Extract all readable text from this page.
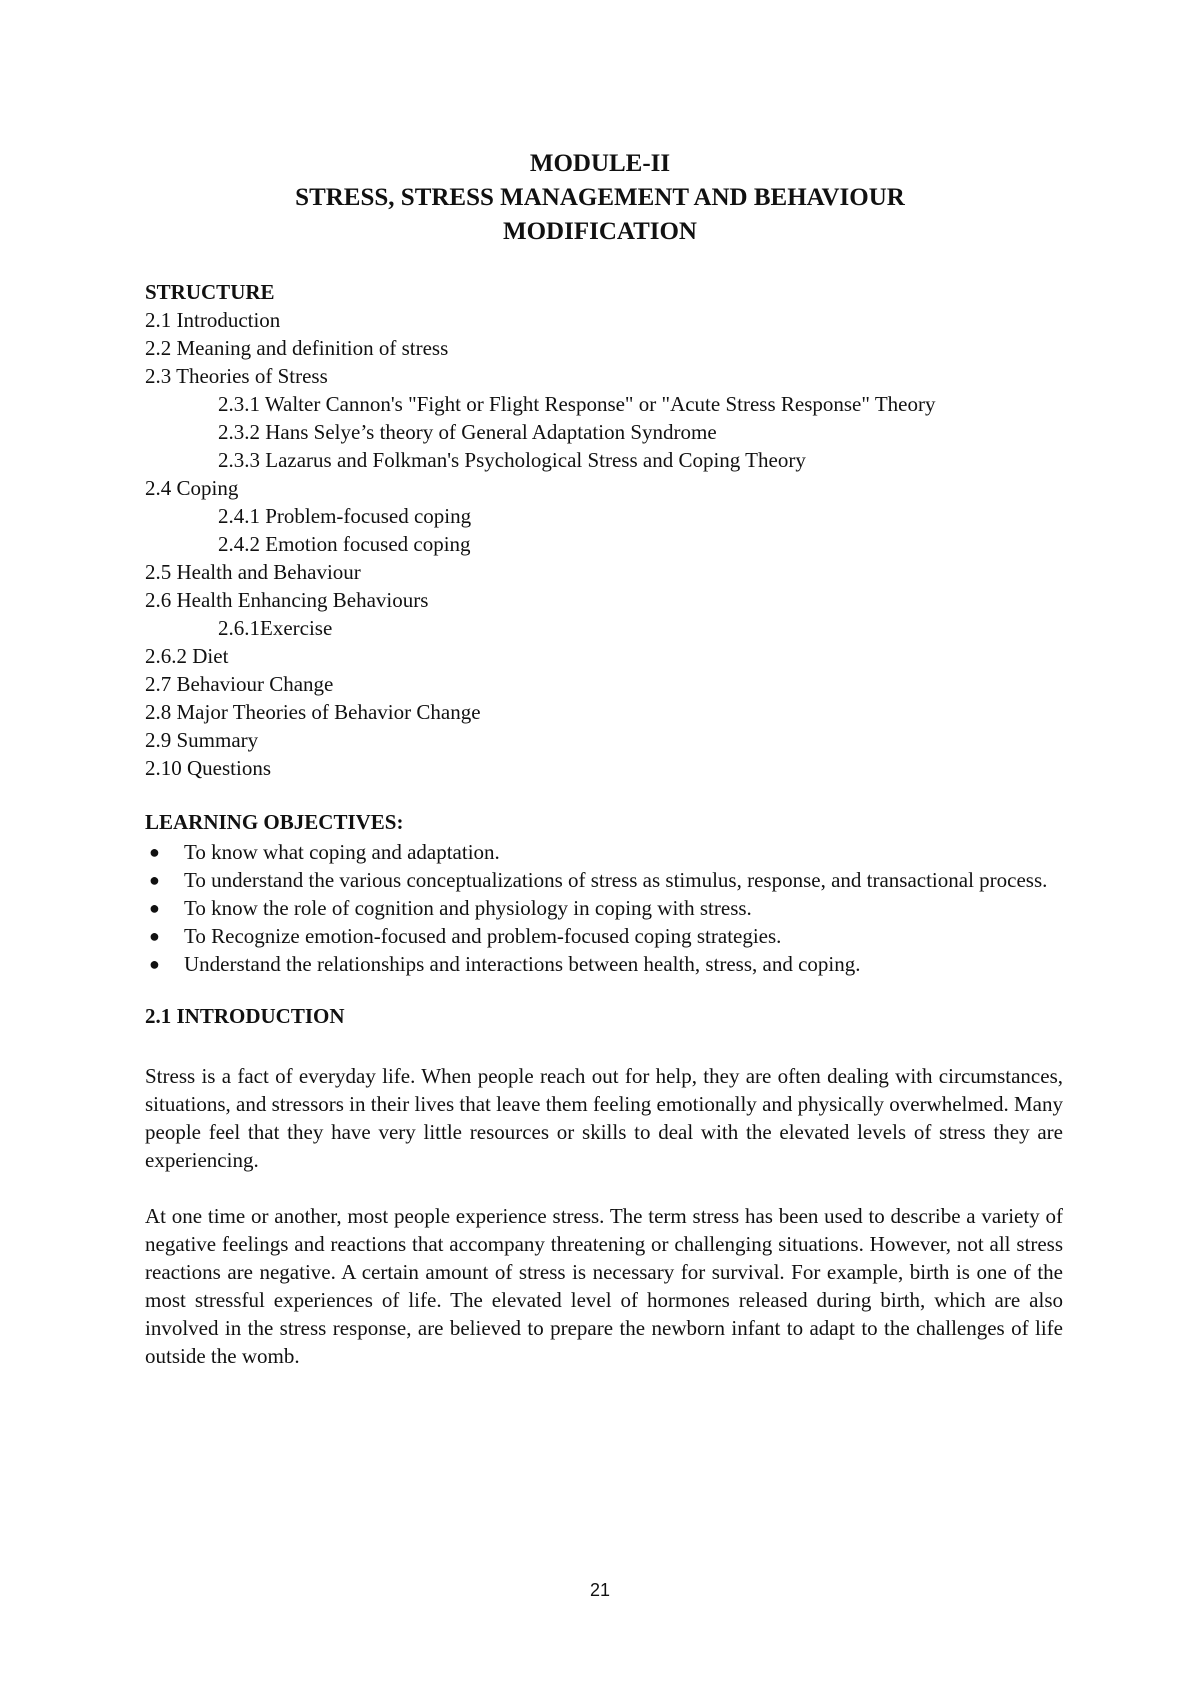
MODULE-II
STRESS, STRESS MANAGEMENT AND BEHAVIOUR
MODIFICATION
STRUCTURE
2.1 Introduction
2.2 Meaning and definition of stress
2.3 Theories of Stress
2.3.1 Walter Cannon's "Fight or Flight Response" or "Acute Stress Response" Theory
2.3.2 Hans Selye’s theory of General Adaptation Syndrome
2.3.3 Lazarus and Folkman's Psychological Stress and Coping Theory
2.4 Coping
2.4.1 Problem-focused coping
2.4.2 Emotion focused coping
2.5 Health and Behaviour
2.6 Health Enhancing Behaviours
2.6.1Exercise
2.6.2 Diet
2.7 Behaviour Change
2.8 Major Theories of Behavior Change
2.9 Summary
2.10 Questions
LEARNING OBJECTIVES:
● To know what coping and adaptation.
● To understand the various conceptualizations of stress as stimulus, response, and transactional process.
● To know the role of cognition and physiology in coping with stress.
● To Recognize emotion-focused and problem-focused coping strategies.
● Understand the relationships and interactions between health, stress, and coping.
2.1 INTRODUCTION

Stress is a fact of everyday life. When people reach out for help, they are often dealing with circumstances, situations, and stressors in their lives that leave them feeling emotionally and physically overwhelmed. Many people feel that they have very little resources or skills to deal with the elevated levels of stress they are experiencing.

At one time or another, most people experience stress. The term stress has been used to describe a variety of negative feelings and reactions that accompany threatening or challenging situations. However, not all stress reactions are negative. A certain amount of stress is necessary for survival. For example, birth is one of the most stressful experiences of life. The elevated level of hormones released during birth, which are also involved in the stress response, are believed to prepare the newborn infant to adapt to the challenges of life outside the womb.

21
